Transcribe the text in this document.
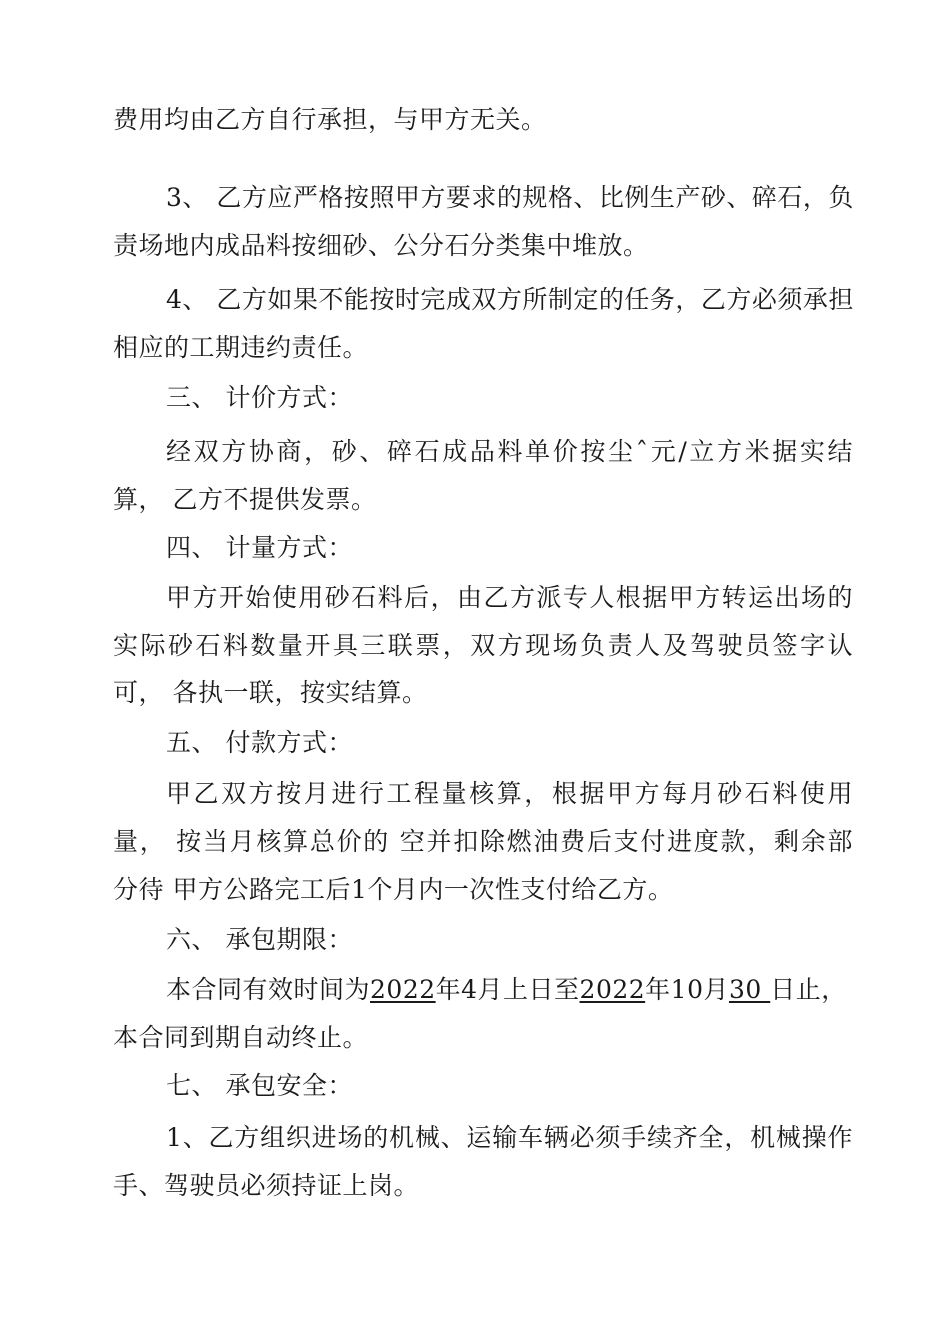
费用均由乙方自行承担，与甲方无关。
3、 乙方应严格按照甲方要求的规格、比例生产砂、碎石，负
责场地内成品料按细砂、公分石分类集中堆放。
4、 乙方如果不能按时完成双方所制定的任务，乙方必须承担
相应的工期违约责任。
三、 计价方式：
经双方协商，砂、碎石成品料单价按尘ˆ元/立方米据实结
算， 乙方不提供发票。
四、 计量方式：
甲方开始使用砂石料后，由乙方派专人根据甲方转运出场的
实际砂石料数量开具三联票，双方现场负责人及驾驶员签字认
可， 各执一联，按实结算。
五、 付款方式：
甲乙双方按月进行工程量核算，根据甲方每月砂石料使用
量， 按当月核算总价的 空并扣除燃油费后支付进度款，剩余部
分待 甲方公路完工后1个月内一次性支付给乙方。
六、 承包期限：
本合同有效时间为2022年4月上日至2022年10月30 日止，
本合同到期自动终止。
七、 承包安全：
1、乙方组织进场的机械、运输车辆必须手续齐全，机械操作
手、驾驶员必须持证上岗。
